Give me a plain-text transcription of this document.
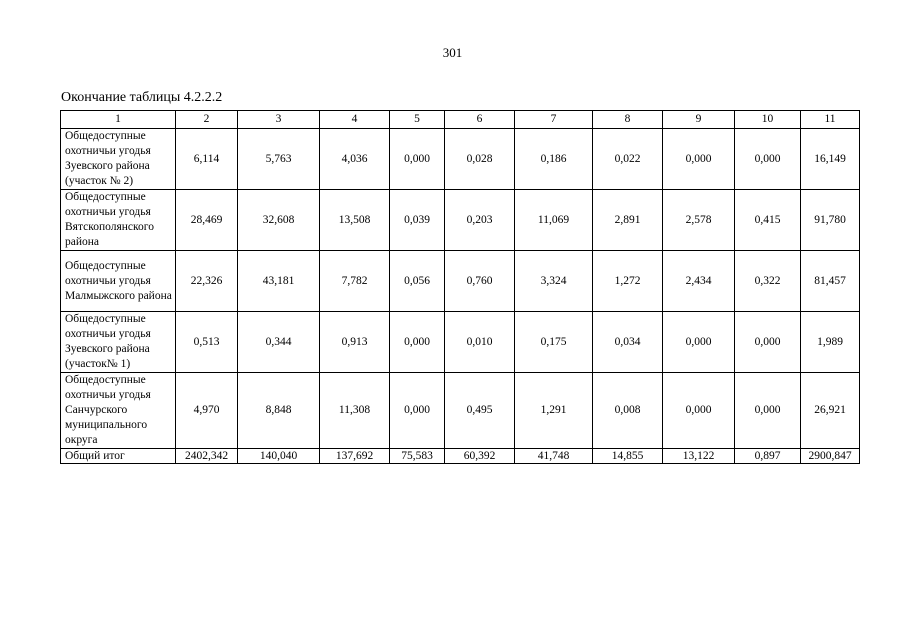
301
Окончание таблицы 4.2.2.2
1	2	3	4	5	6	7	8	9	10	11
Общедоступные охотничьи угодья Зуевского района (участок № 2)	6,114	5,763	4,036	0,000	0,028	0,186	0,022	0,000	0,000	16,149
Общедоступные охотничьи угодья Вятскополянского района	28,469	32,608	13,508	0,039	0,203	11,069	2,891	2,578	0,415	91,780
Общедоступные охотничьи угодья Малмыжского района	22,326	43,181	7,782	0,056	0,760	3,324	1,272	2,434	0,322	81,457
Общедоступные охотничьи угодья Зуевского района (участок№ 1)	0,513	0,344	0,913	0,000	0,010	0,175	0,034	0,000	0,000	1,989
Общедоступные охотничьи угодья Санчурского муниципального округа	4,970	8,848	11,308	0,000	0,495	1,291	0,008	0,000	0,000	26,921
Общий итог	2402,342	140,040	137,692	75,583	60,392	41,748	14,855	13,122	0,897	2900,847
